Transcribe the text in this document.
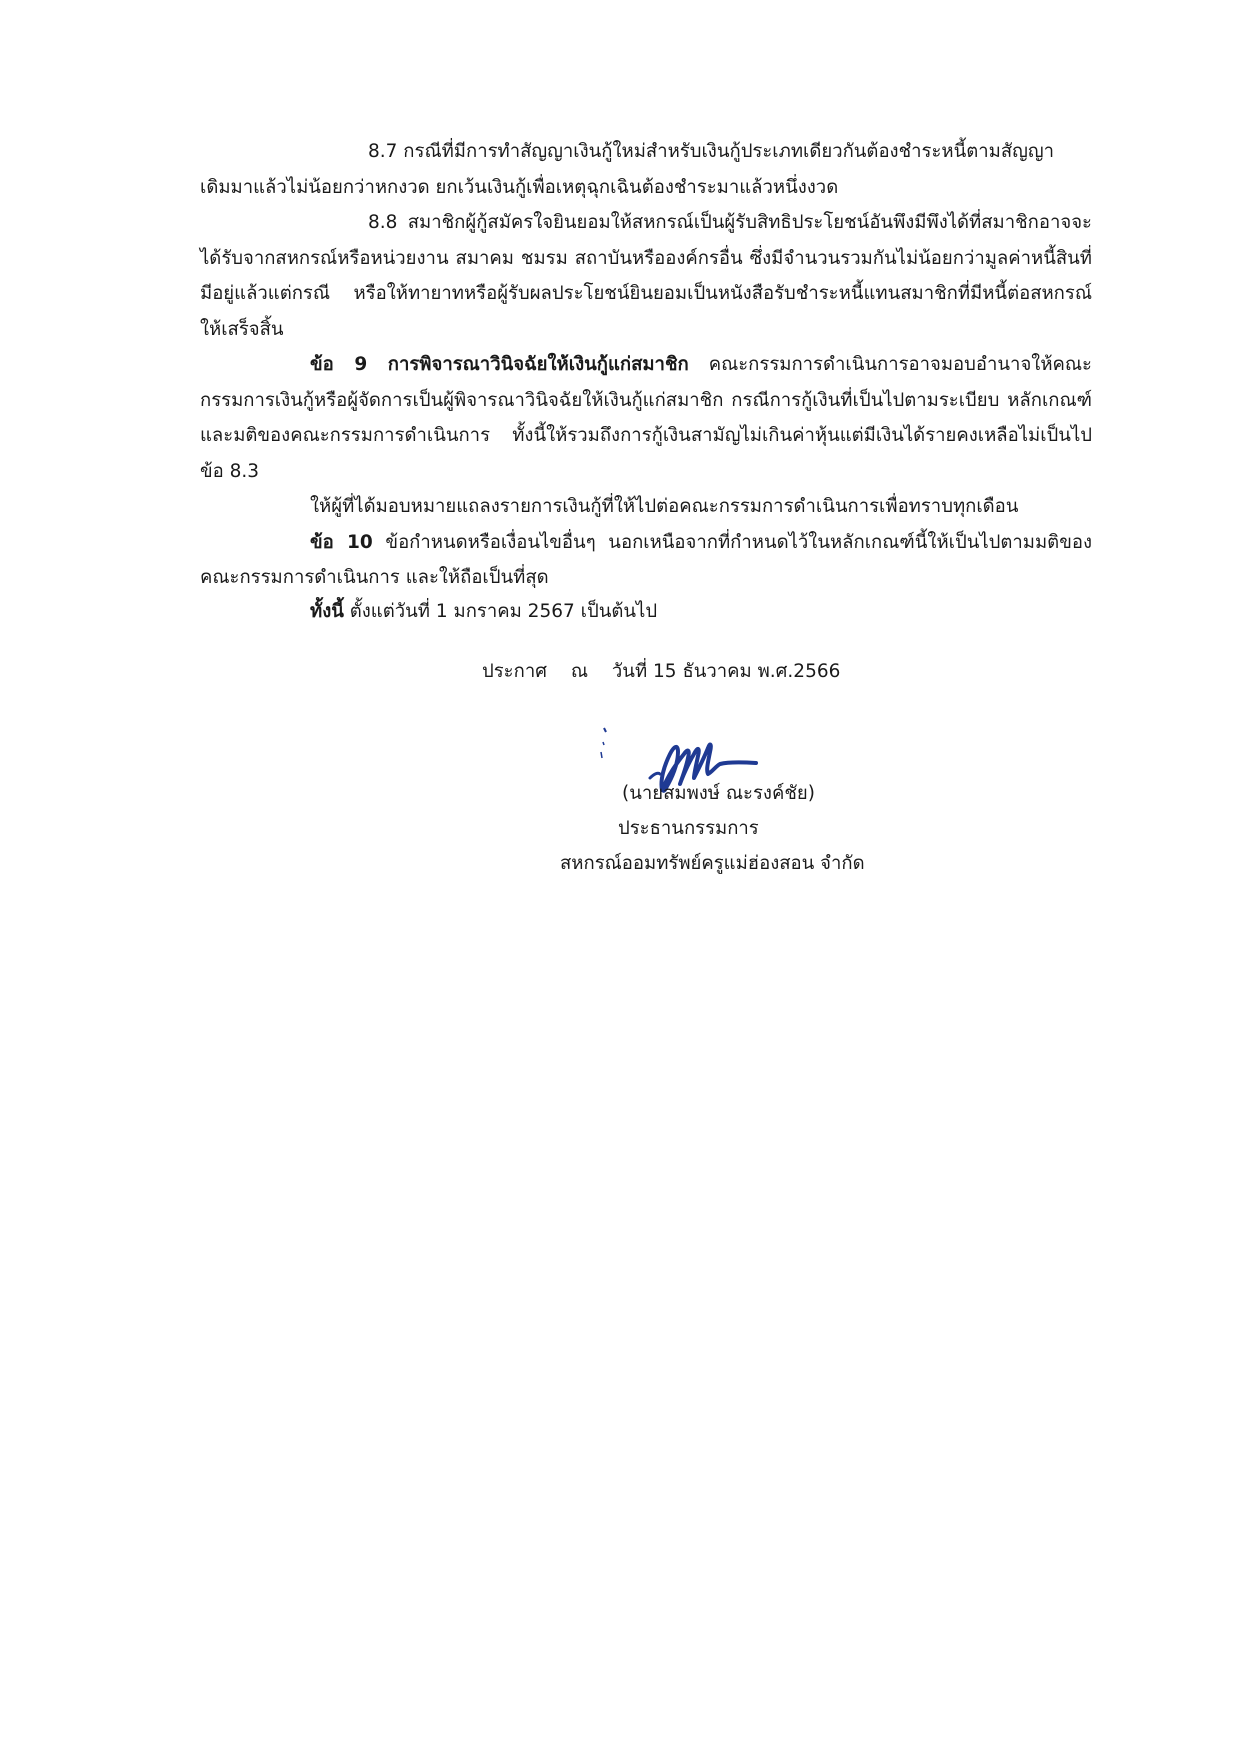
8.7 กรณีที่มีการทำสัญญาเงินกู้ใหม่สำหรับเงินกู้ประเภทเดียวกันต้องชำระหนี้ตามสัญญา

เดิมมาแล้วไม่น้อยกว่าหกงวด ยกเว้นเงินกู้เพื่อเหตุฉุกเฉินต้องชำระมาแล้วหนึ่งงวด

8.8 สมาชิกผู้กู้สมัครใจยินยอมให้สหกรณ์เป็นผู้รับสิทธิประโยชน์อันพึงมีพึงได้ที่สมาชิกอาจจะได้รับจากสหกรณ์หรือหน่วยงาน สมาคม ชมรม สถาบันหรือองค์กรอื่น ซึ่งมีจำนวนรวมกันไม่น้อยกว่ามูลค่าหนี้สินที่มีอยู่แล้วแต่กรณี หรือให้ทายาทหรือผู้รับผลประโยชน์ยินยอมเป็นหนังสือรับชำระหนี้แทนสมาชิกที่มีหนี้ต่อสหกรณ์ให้เสร็จสิ้น

ข้อ 9 การพิจารณาวินิจฉัยให้เงินกู้แก่สมาชิก คณะกรรมการดำเนินการอาจมอบอำนาจให้คณะกรรมการเงินกู้หรือผู้จัดการเป็นผู้พิจารณาวินิจฉัยให้เงินกู้แก่สมาชิก กรณีการกู้เงินที่เป็นไปตามระเบียบ หลักเกณฑ์ และมติของคณะกรรมการดำเนินการ ทั้งนี้ให้รวมถึงการกู้เงินสามัญไม่เกินค่าหุ้นแต่มีเงินได้รายคงเหลือไม่เป็นไปข้อ 8.3

ให้ผู้ที่ได้มอบหมายแถลงรายการเงินกู้ที่ให้ไปต่อคณะกรรมการดำเนินการเพื่อทราบทุกเดือน

ข้อ 10 ข้อกำหนดหรือเงื่อนไขอื่นๆ นอกเหนือจากที่กำหนดไว้ในหลักเกณฑ์นี้ให้เป็นไปตามมติของคณะกรรมการดำเนินการ และให้ถือเป็นที่สุด

ทั้งนี้ ตั้งแต่วันที่ 1 มกราคม 2567 เป็นต้นไป
ประกาศ ณ วันที่ 15 ธันวาคม พ.ศ.2566
(นายสมพงษ์ ณะรงค์ชัย)
ประธานกรรมการ
สหกรณ์ออมทรัพย์ครูแม่ฮ่องสอน จำกัด
